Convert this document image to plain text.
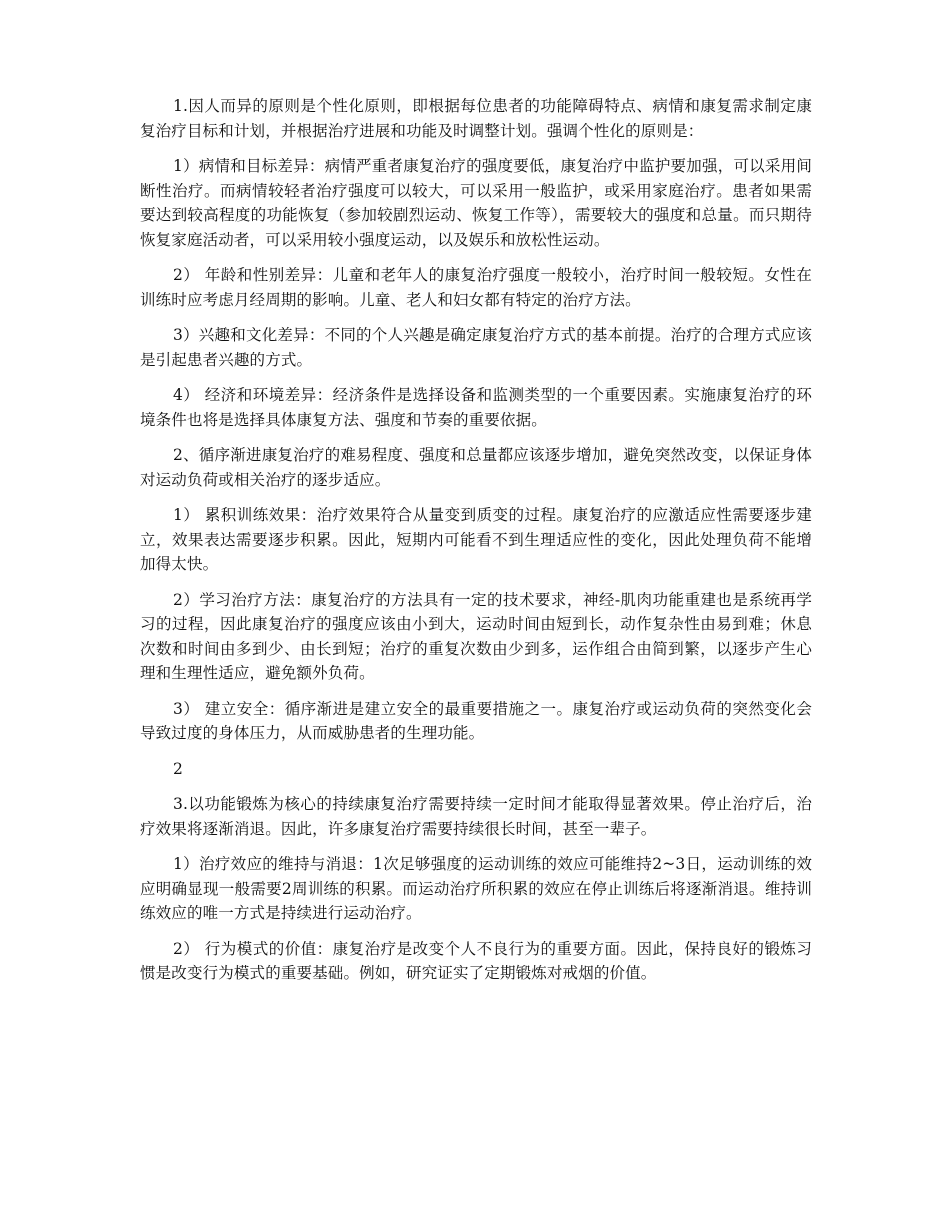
1.因人而异的原则是个性化原则，即根据每位患者的功能障碍特点、病情和康复需求制定康复治疗目标和计划，并根据治疗进展和功能及时调整计划。强调个性化的原则是：

1）病情和目标差异：病情严重者康复治疗的强度要低，康复治疗中监护要加强，可以采用间断性治疗。而病情较轻者治疗强度可以较大，可以采用一般监护，或采用家庭治疗。患者如果需要达到较高程度的功能恢复（参加较剧烈运动、恢复工作等），需要较大的强度和总量。而只期待恢复家庭活动者，可以采用较小强度运动，以及娱乐和放松性运动。

2） 年龄和性别差异：儿童和老年人的康复治疗强度一般较小，治疗时间一般较短。女性在训练时应考虑月经周期的影响。儿童、老人和妇女都有特定的治疗方法。

3）兴趣和文化差异：不同的个人兴趣是确定康复治疗方式的基本前提。治疗的合理方式应该是引起患者兴趣的方式。

4） 经济和环境差异：经济条件是选择设备和监测类型的一个重要因素。实施康复治疗的环境条件也将是选择具体康复方法、强度和节奏的重要依据。

2、循序渐进康复治疗的难易程度、强度和总量都应该逐步增加，避免突然改变，以保证身体对运动负荷或相关治疗的逐步适应。

1） 累积训练效果：治疗效果符合从量变到质变的过程。康复治疗的应激适应性需要逐步建立，效果表达需要逐步积累。因此，短期内可能看不到生理适应性的变化，因此处理负荷不能增加得太快。

2）学习治疗方法：康复治疗的方法具有一定的技术要求，神经-肌肉功能重建也是系统再学习的过程，因此康复治疗的强度应该由小到大，运动时间由短到长，动作复杂性由易到难；休息次数和时间由多到少、由长到短；治疗的重复次数由少到多，运作组合由简到繁，以逐步产生心理和生理性适应，避免额外负荷。

3） 建立安全：循序渐进是建立安全的最重要措施之一。康复治疗或运动负荷的突然变化会导致过度的身体压力，从而威胁患者的生理功能。

2

3.以功能锻炼为核心的持续康复治疗需要持续一定时间才能取得显著效果。停止治疗后，治疗效果将逐渐消退。因此，许多康复治疗需要持续很长时间，甚至一辈子。

1）治疗效应的维持与消退：1次足够强度的运动训练的效应可能维持2~3日，运动训练的效应明确显现一般需要2周训练的积累。而运动治疗所积累的效应在停止训练后将逐渐消退。维持训练效应的唯一方式是持续进行运动治疗。

2） 行为模式的价值：康复治疗是改变个人不良行为的重要方面。因此，保持良好的锻炼习惯是改变行为模式的重要基础。例如，研究证实了定期锻炼对戒烟的价值。
